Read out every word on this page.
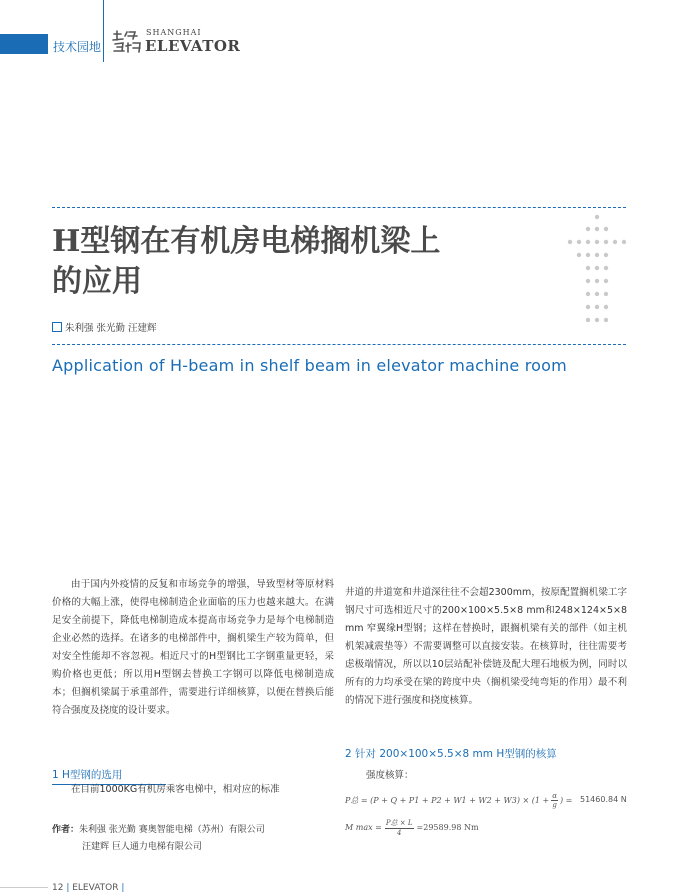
技术园地
SHANGHAI
ELEVATOR
H型钢在有机房电梯搁机梁上
的应用
朱利强 张光勤 汪建辉
Application of H-beam in shelf beam in elevator machine room

由于国内外疫情的反复和市场竞争的增强，导致型材等原材料价格的大幅上涨，使得电梯制造企业面临的压力也越来越大。在满足安全前提下，降低电梯制造成本提高市场竞争力是每个电梯制造企业必然的选择。在诸多的电梯部件中，搁机梁生产较为简单，但对安全性能却不容忽视。相近尺寸的H型钢比工字钢重量更轻，采购价格也更低；所以用H型钢去替换工字钢可以降低电梯制造成本；但搁机梁属于承重部件，需要进行详细核算，以便在替换后能符合强度及挠度的设计要求。

1 H型钢的选用

在目前1000KG有机房乘客电梯中，相对应的标准

井道的井道宽和井道深往往不会超2300mm，按原配置搁机梁工字钢尺寸可选相近尺寸的200×100×5.5×8 mm和248×124×5×8 mm 窄翼缘H型钢；这样在替换时，跟搁机梁有关的部件（如主机机架减震垫等）不需要调整可以直接安装。在核算时，往往需要考虑极端情况，所以以10层站配补偿链及配大理石地板为例，同时以所有的力均承受在梁的跨度中央（搁机梁受纯弯矩的作用）最不利的情况下进行强度和挠度核算。

2 针对 200×100×5.5×8 mm H型钢的核算
强度核算：
P总 = $(P + Q + P1 + P2 + W1 + W2 + W3) \times (1 + \frac{\alpha}{g}$ ) = 51460.84 N
M $\max = \frac{\text{P总 × L}}{4} =29589.98$ Nm
作者：朱利强 张光勤 赛奥智能电梯（苏州）有限公司
汪建辉 巨人通力电梯有限公司
12 | ELEVATOR |
